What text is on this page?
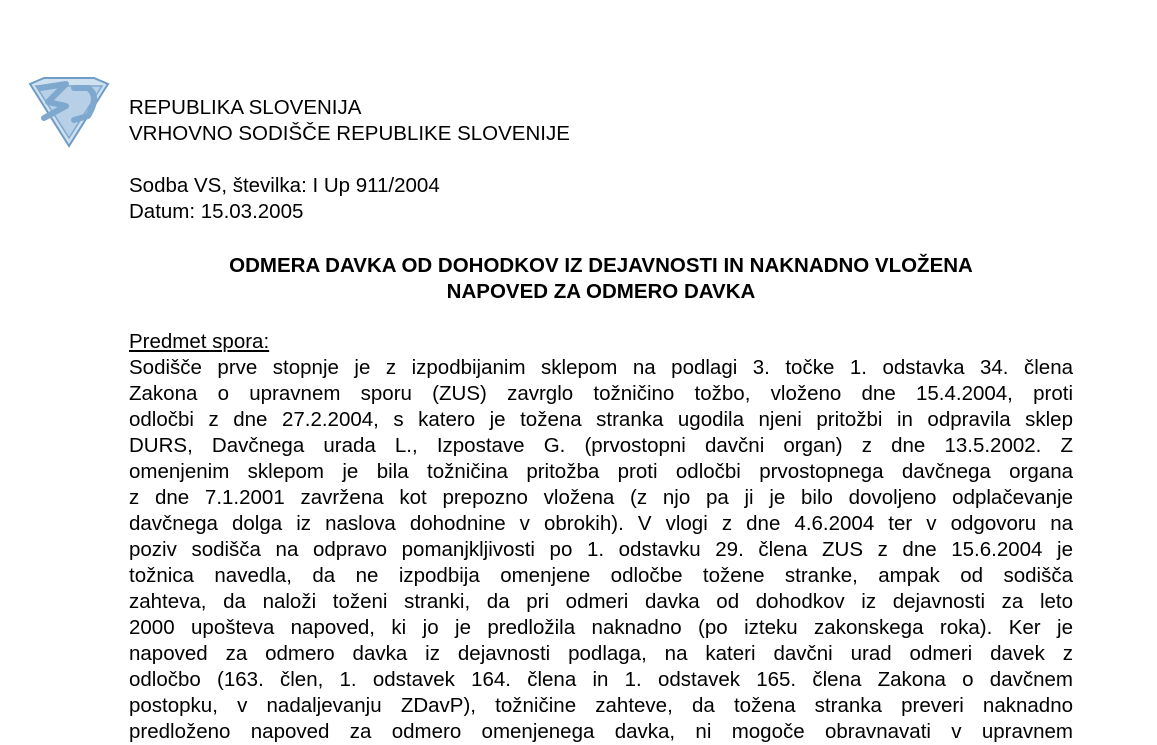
REPUBLIKA SLOVENIJA
VRHOVNO SODIŠČE REPUBLIKE SLOVENIJE
Sodba VS, številka: I Up 911/2004
Datum: 15.03.2005
ODMERA DAVKA OD DOHODKOV IZ DEJAVNOSTI IN NAKNADNO VLOŽENA
NAPOVED ZA ODMERO DAVKA
Predmet spora:
Sodišče prve stopnje je z izpodbijanim sklepom na podlagi 3. točke 1. odstavka 34. člena
Zakona o upravnem sporu (ZUS) zavrglo tožničino tožbo, vloženo dne 15.4.2004, proti
odločbi z dne 27.2.2004, s katero je tožena stranka ugodila njeni pritožbi in odpravila sklep
DURS, Davčnega urada L., Izpostave G. (prvostopni davčni organ) z dne 13.5.2002. Z
omenjenim sklepom je bila tožničina pritožba proti odločbi prvostopnega davčnega organa
z dne 7.1.2001 zavržena kot prepozno vložena (z njo pa ji je bilo dovoljeno odplačevanje
davčnega dolga iz naslova dohodnine v obrokih). V vlogi z dne 4.6.2004 ter v odgovoru na
poziv sodišča na odpravo pomanjkljivosti po 1. odstavku 29. člena ZUS z dne 15.6.2004 je
tožnica navedla, da ne izpodbija omenjene odločbe tožene stranke, ampak od sodišča
zahteva, da naloži toženi stranki, da pri odmeri davka od dohodkov iz dejavnosti za leto
2000 upošteva napoved, ki jo je predložila naknadno (po izteku zakonskega roka). Ker je
napoved za odmero davka iz dejavnosti podlaga, na kateri davčni urad odmeri davek z
odločbo (163. člen, 1. odstavek 164. člena in 1. odstavek 165. člena Zakona o davčnem
postopku, v nadaljevanju ZDavP), tožničine zahteve, da tožena stranka preveri naknadno
predloženo napoved za odmero omenjenega davka, ni mogoče obravnavati v upravnem
